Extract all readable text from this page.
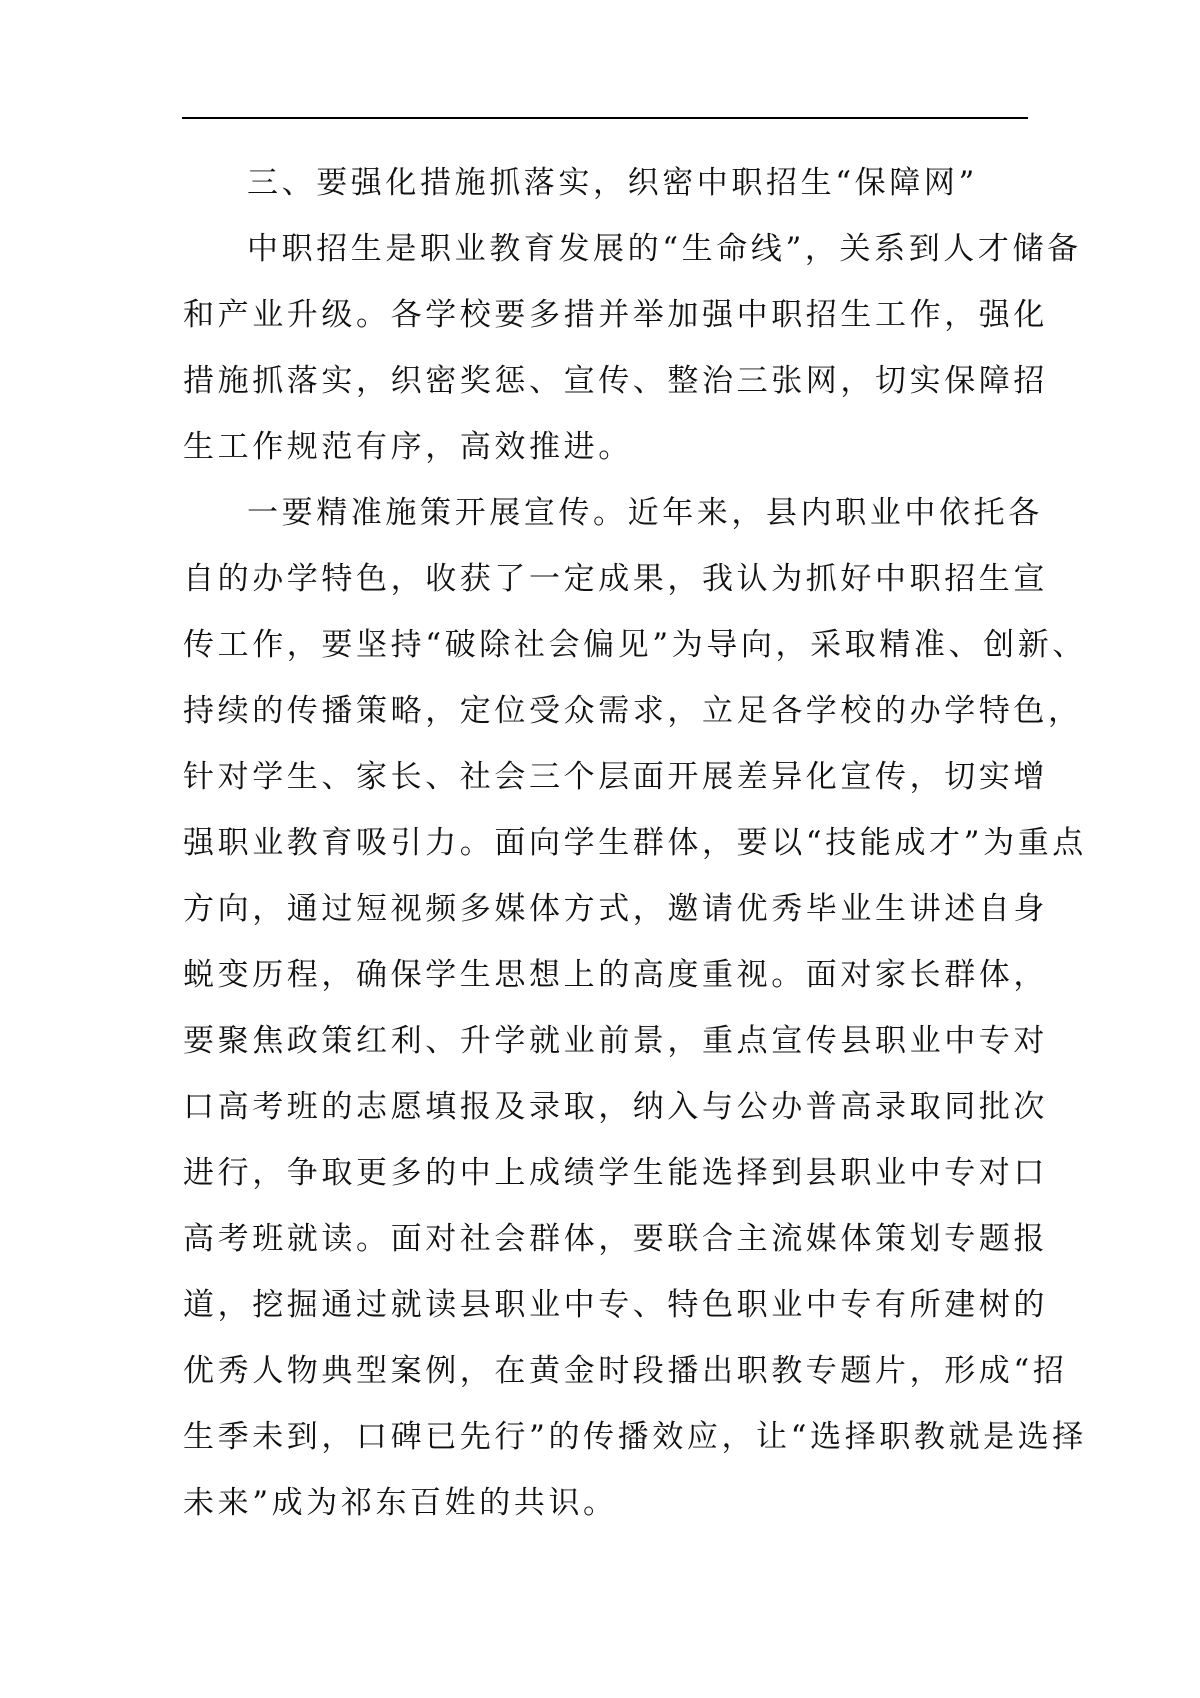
三、要强化措施抓落实，织密中职招生“保障网”

中职招生是职业教育发展的“生命线”，关系到人才储备

和产业升级。各学校要多措并举加强中职招生工作，强化

措施抓落实，织密奖惩、宣传、整治三张网，切实保障招

生工作规范有序，高效推进。

一要精准施策开展宣传。近年来，县内职业中依托各

自的办学特色，收获了一定成果，我认为抓好中职招生宣

传工作，要坚持“破除社会偏见”为导向，采取精准、创新、

持续的传播策略，定位受众需求，立足各学校的办学特色，

针对学生、家长、社会三个层面开展差异化宣传，切实增

强职业教育吸引力。面向学生群体，要以“技能成才”为重点

方向，通过短视频多媒体方式，邀请优秀毕业生讲述自身

蜕变历程，确保学生思想上的高度重视。面对家长群体，

要聚焦政策红利、升学就业前景，重点宣传县职业中专对

口高考班的志愿填报及录取，纳入与公办普高录取同批次

进行，争取更多的中上成绩学生能选择到县职业中专对口

高考班就读。面对社会群体，要联合主流媒体策划专题报

道，挖掘通过就读县职业中专、特色职业中专有所建树的

优秀人物典型案例，在黄金时段播出职教专题片，形成“招

生季未到，口碑已先行”的传播效应，让“选择职教就是选择

未来”成为祁东百姓的共识。
